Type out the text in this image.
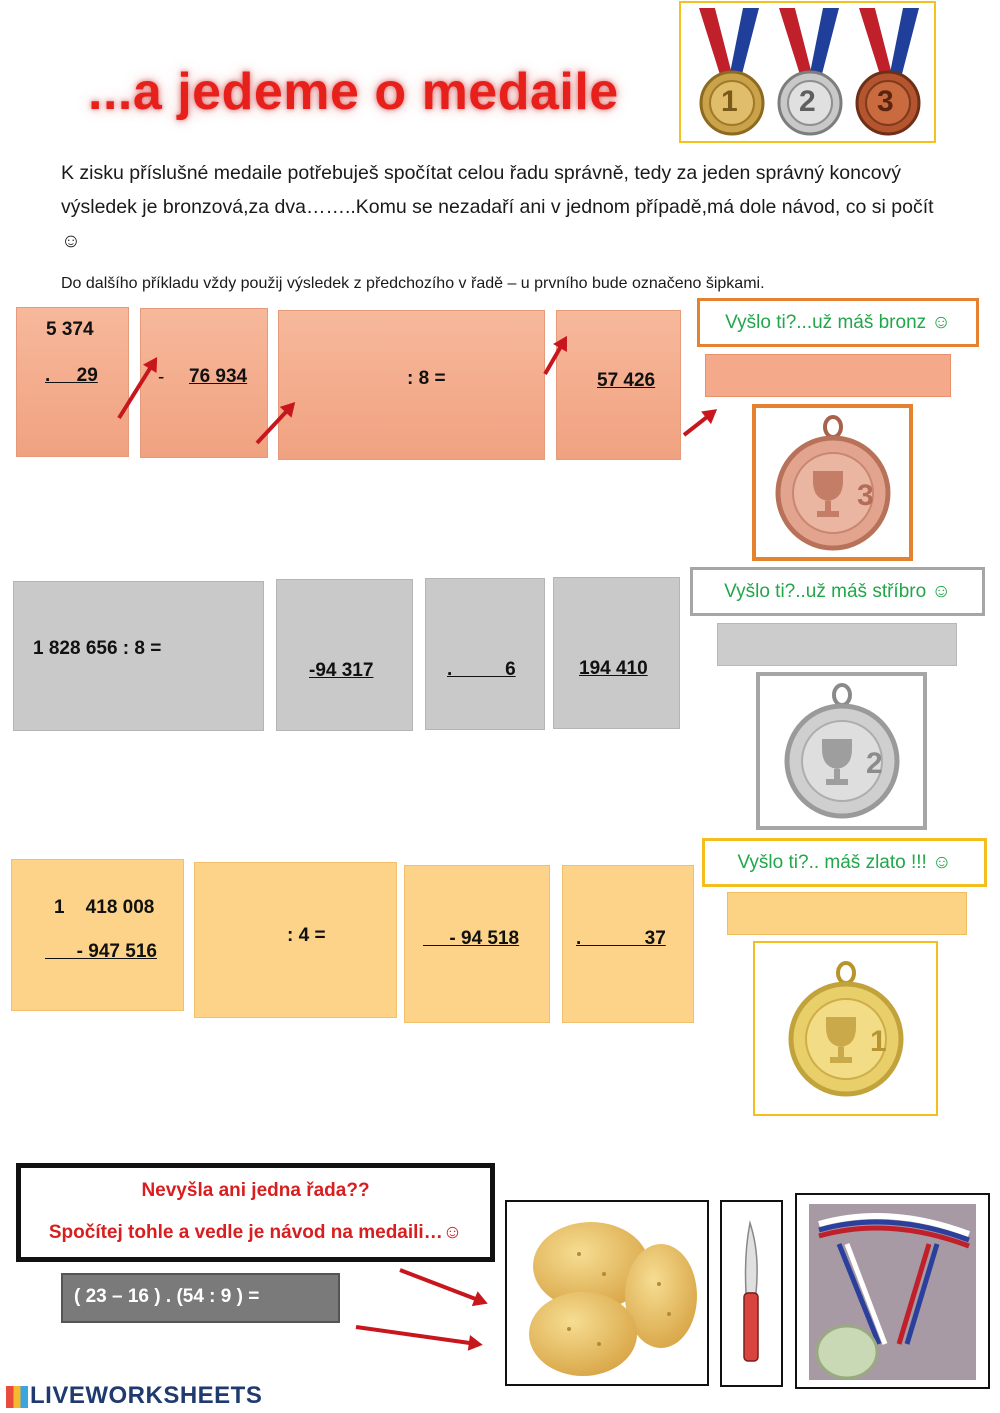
...a jedeme o medaile	1 2 3
K zisku příslušné medaile potřebuješ spočítat celou řadu správně, tedy za jeden správný koncový výsledek je bronzová,za dva……..Komu se nezadaří ani v jednom případě,má dole návod, co si počít ☺
Do dalšího příkladu vždy použij výsledek z předchozího v řadě – u prvního bude označeno šipkami.
5 374
.     29	- 76 934	: 8 =	57 426
Vyšlo ti?...už máš bronz ☺
3
1 828 656 : 8 =
-94 317	.          6	194 410
Vyšlo ti?..už máš stříbro ☺
2
1    418 008
- 947 516
: 4 =	- 94 518	.            37
Vyšlo ti?.. máš zlato !!! ☺
1
Nevyšla ani jedna řada??
Spočítej tohle a vedle je návod na medaili…☺
( 23 – 16 ) . (54 : 9 ) =
LIVEWORKSHEETS
